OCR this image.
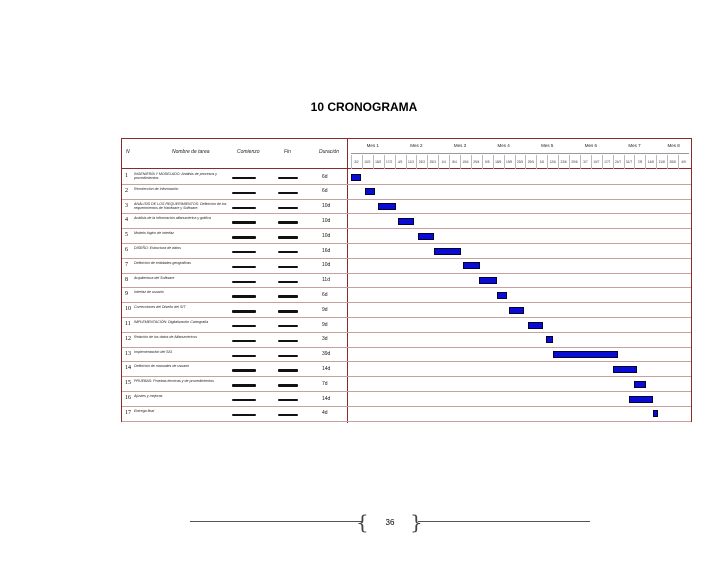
10 CRONOGRAMA
N	Nombre de tarea	Comienzo	Fin	Duración
Mes 1	Mes 2	Mes 3	Mes 4	Mes 5	Mes 6	Mes 7	Mes 8
3/2	10/2	18/2	17/2	4/3	11/3	23/3	25/3	1/4	8/4	15/4	29/4	5/5	18/5	19/5	23/5	29/5	1/6	12/6	23/6	29/6	3/7	10/7	17/7	24/7	31/7	7/8	14/8	21/8	28/8	4/9
1 INGENIERÍA Y MODELADO: Análisis de procesos y procedimientos	6d
2 Recolección de Información	6d
3 ANÁLISIS DE LOS REQUERIMIENTOS: Definición de los requerimientos de Hardware y Software.	10d
4 Análisis de la información alfanumérica y gráfica	10d
5 Modelo lógico de interfaz	10d
6 DISEÑO: Estructura de datos	16d
7 Definición de entidades geográficas	10d
8 Arquitectura del Software	11d
9 Interfaz de usuario	6d
10 Correcciones del Diseño del SIT	9d
11 IMPLEMENTACIÓN: Digitalización Cartografía	9d
12 Relación de los datos de Alfanuméricos	3d
13 Implementación del SIG	39d
14 Definición de manuales de usuario	14d
15 PRUEBAS: Pruebas técnicas y de procedimientos	7d
16 Ajustes y mejoras	14d
17 Entrega final	4d
{ }
36
